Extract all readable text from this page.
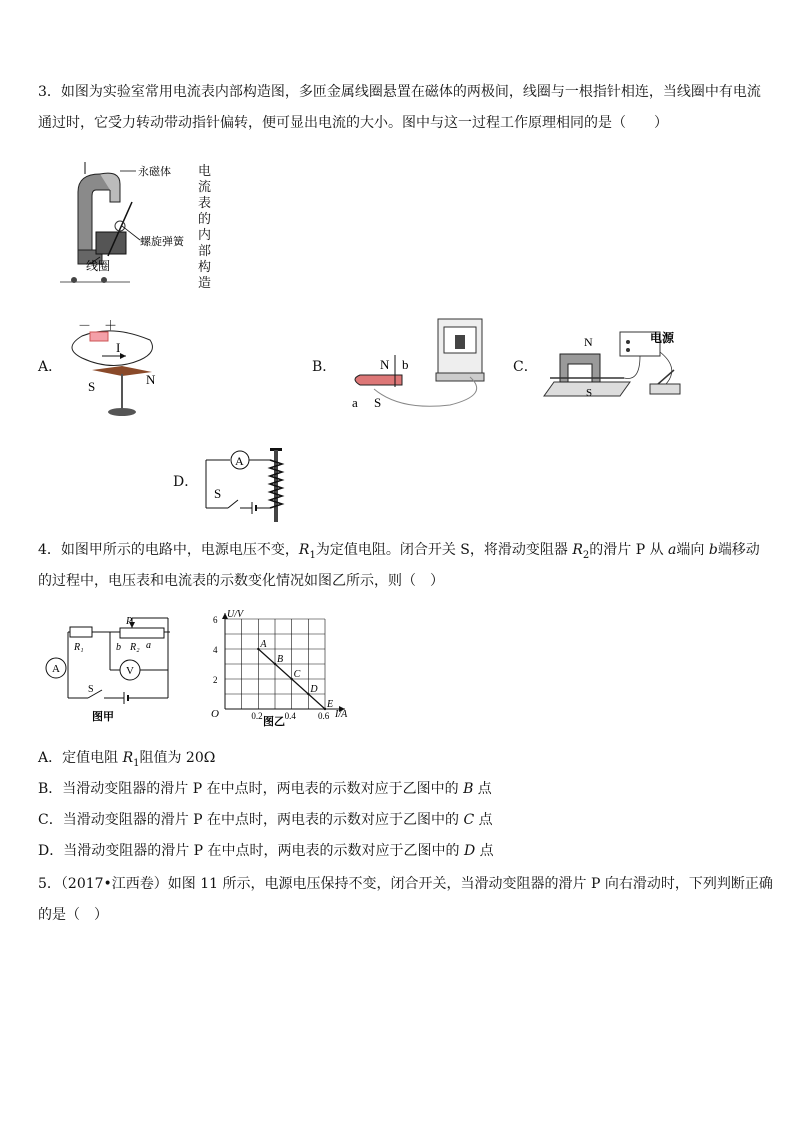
3．如图为实验室常用电流表内部构造图，多匝金属线圈悬置在磁体的两极间，线圈与一根指针相连，当线圈中有电流
通过时，它受力转动带动指针偏转，便可显出电流的大小。图中与这一过程工作原理相同的是（　　）
永磁体
螺旋弹簧
线圈
电流表的内部构造
A．
－ ＋
I
S	N
B．	N b
a S
C．
N
S
电源
D．
A
S
4．如图甲所示的电路中，电源电压不变，$R_1$为定值电阻。闭合开关 S，将滑动变阻器 $R_2$的滑片 P 从 a端向 b端移动
的过程中，电压表和电流表的示数变化情况如图乙所示，则（　）
R₁	R₂
P
a
b
A	V
S
图甲
U/V
I/A
O
6
4
2
0.2 0.4 0.6
A
B
C
D
E
图乙
A．定值电阻 $R_1$阻值为 20Ω
B．当滑动变阻器的滑片 P 在中点时，两电表的示数对应于乙图中的 B 点
C．当滑动变阻器的滑片 P 在中点时，两电表的示数对应于乙图中的 C 点
D．当滑动变阻器的滑片 P 在中点时，两电表的示数对应于乙图中的 D 点
5．（2017•江西卷）如图 11 所示，电源电压保持不变，闭合开关，当滑动变阻器的滑片 P 向右滑动时，下列判断正确
的是（　）
